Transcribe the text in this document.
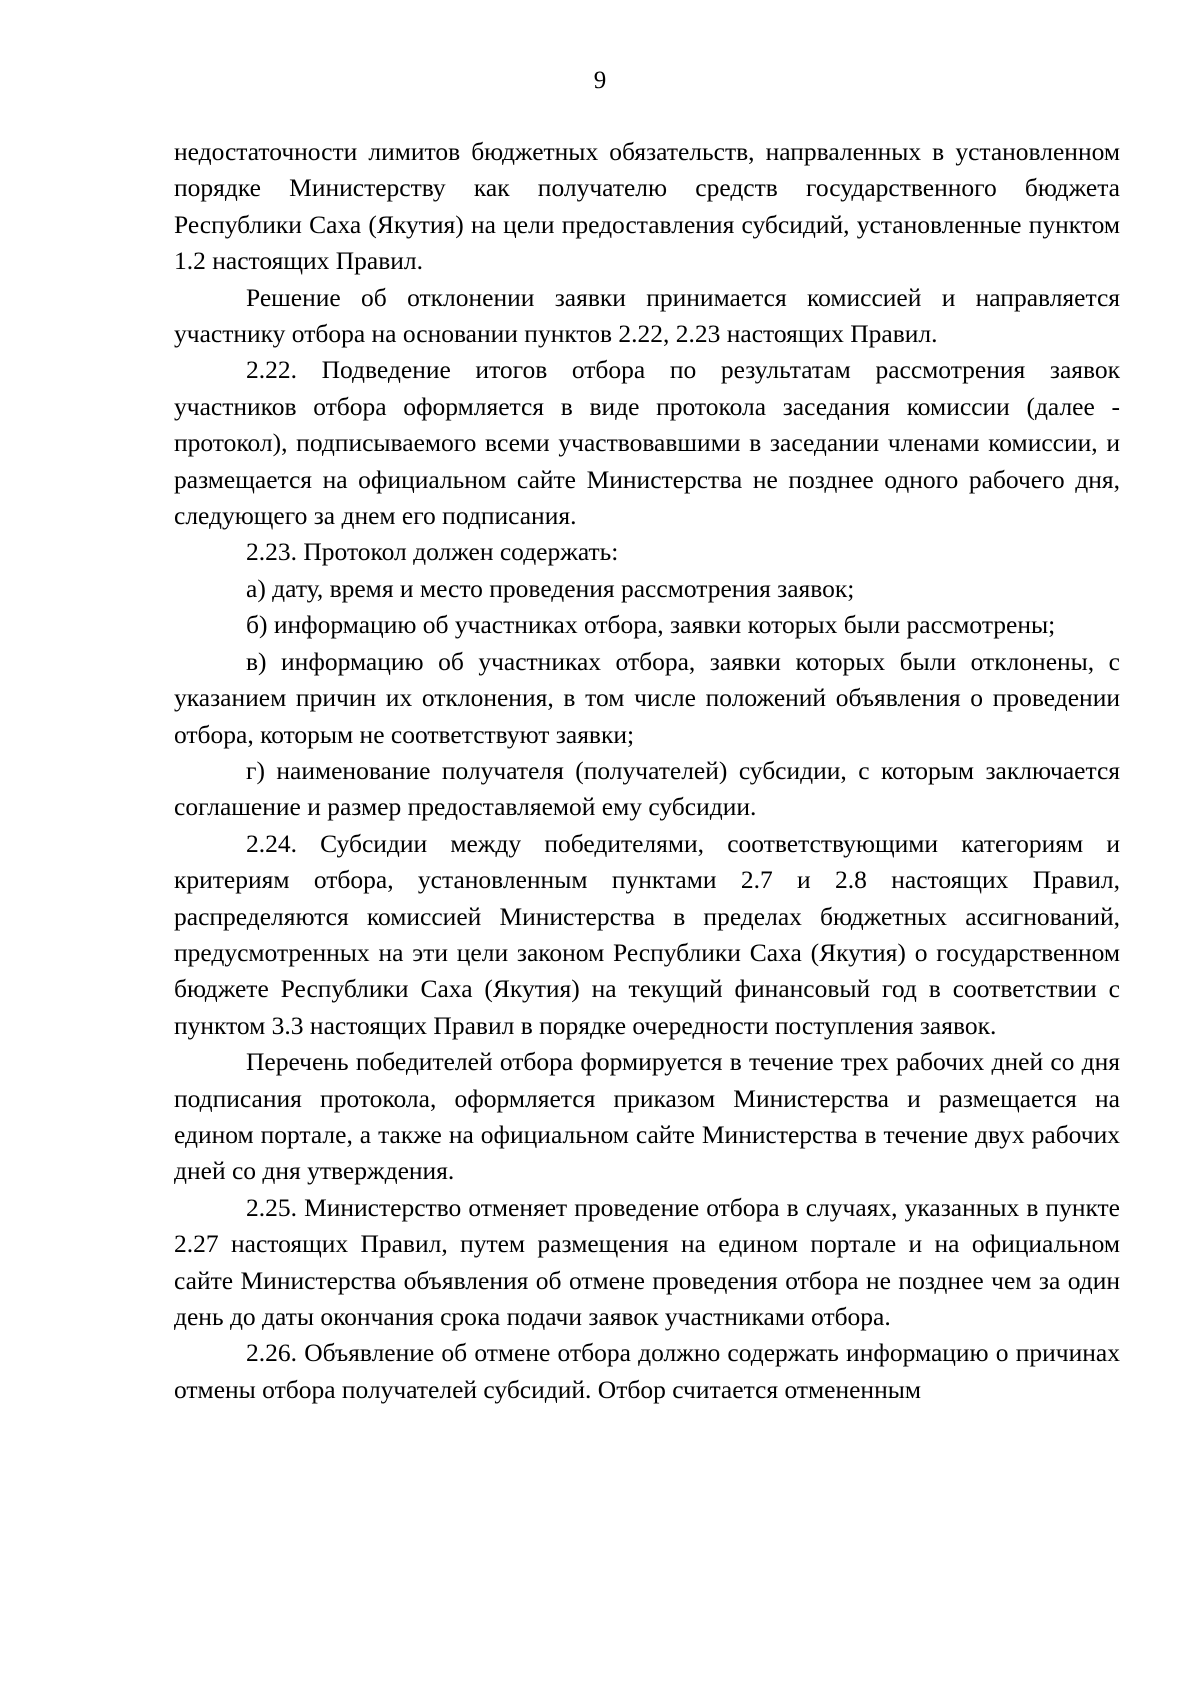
9

недостаточности лимитов бюджетных обязательств, напрваленных в установленном порядке Министерству как получателю средств государственного бюджета Республики Саха (Якутия) на цели предоставления субсидий, установленные пунктом 1.2 настоящих Правил.

Решение об отклонении заявки принимается комиссией и направляется участнику отбора на основании пунктов 2.22, 2.23 настоящих Правил.

2.22. Подведение итогов отбора по результатам рассмотрения заявок участников отбора оформляется в виде протокола заседания комиссии (далее - протокол), подписываемого всеми участвовавшими в заседании членами комиссии, и размещается на официальном сайте Министерства не позднее одного рабочего дня, следующего за днем его подписания.

2.23. Протокол должен содержать:

а) дату, время и место проведения рассмотрения заявок;

б) информацию об участниках отбора, заявки которых были рассмотрены;

в) информацию об участниках отбора, заявки которых были отклонены, с указанием причин их отклонения, в том числе положений объявления о проведении отбора, которым не соответствуют заявки;

г) наименование получателя (получателей) субсидии, с которым заключается соглашение и размер предоставляемой ему субсидии.

2.24. Субсидии между победителями, соответствующими категориям и критериям отбора, установленным пунктами 2.7 и 2.8 настоящих Правил, распределяются комиссией Министерства в пределах бюджетных ассигнований, предусмотренных на эти цели законом Республики Саха (Якутия) о государственном бюджете Республики Саха (Якутия) на текущий финансовый год в соответствии с пунктом 3.3 настоящих Правил в порядке очередности поступления заявок.

Перечень победителей отбора формируется в течение трех рабочих дней со дня подписания протокола, оформляется приказом Министерства и размещается на едином портале, а также на официальном сайте Министерства в течение двух рабочих дней со дня утверждения.

2.25. Министерство отменяет проведение отбора в случаях, указанных в пункте 2.27 настоящих Правил, путем размещения на едином портале и на официальном сайте Министерства объявления об отмене проведения отбора не позднее чем за один день до даты окончания срока подачи заявок участниками отбора.

2.26. Объявление об отмене отбора должно содержать информацию о причинах отмены отбора получателей субсидий. Отбор считается отмененным
